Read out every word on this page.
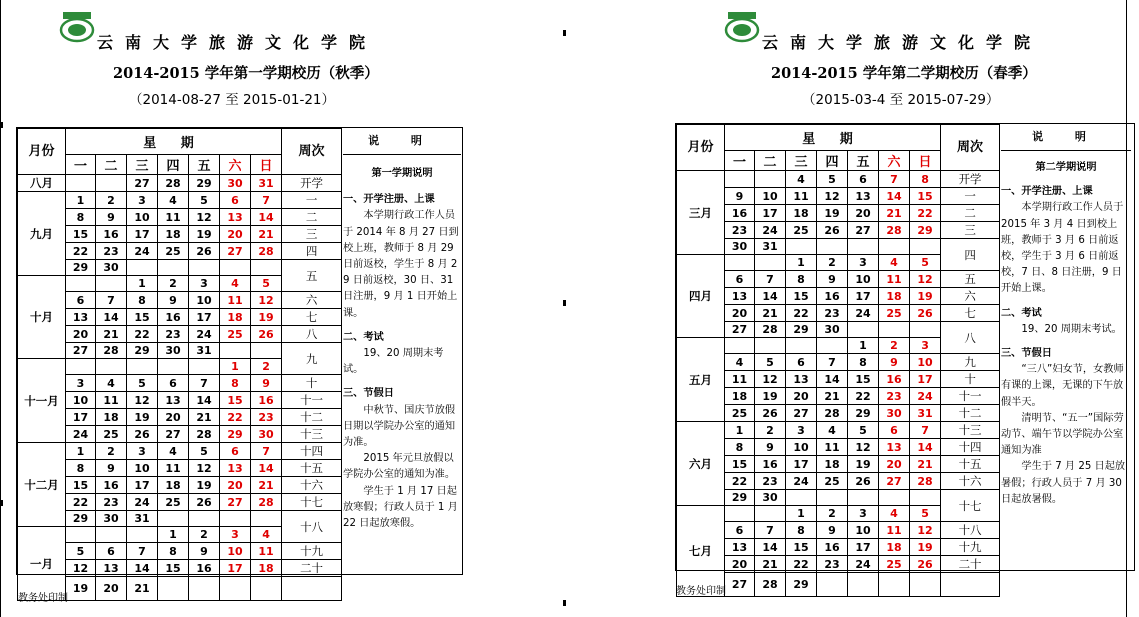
云南大学旅游文化学院
2014-2015 学年第一学期校历（秋季）
（2014-08-27 至 2015-01-21）
月份	星 期							周次
	一	二	三	四	五	六	日	
八月			27	28	29	30	31	开学
九月	1	2	3	4	5	6	7	一
	8	9	10	11	12	13	14	二
	15	16	17	18	19	20	21	三
	22	23	24	25	26	27	28	四
	29	30						五
十月			1	2	3	4	5	
	6	7	8	9	10	11	12	六
	13	14	15	16	17	18	19	七
	20	21	22	23	24	25	26	八
	27	28	29	30	31			九
十一月						1	2	
	3	4	5	6	7	8	9	十
	10	11	12	13	14	15	16	十一
	17	18	19	20	21	22	23	十二
	24	25	26	27	28	29	30	十三
十二月	1	2	3	4	5	6	7	十四
	8	9	10	11	12	13	14	十五
	15	16	17	18	19	20	21	十六
	22	23	24	25	26	27	28	十七
	29	30	31					十八
一月				1	2	3	4	
	5	6	7	8	9	10	11	十九
	12	13	14	15	16	17	18	二十
	19	20	21					
说 明
第一学期说明
一、开学注册、上课

本学期行政工作人员于 2014 年 8 月 27 日到校上班，教师于 8 月 29 日前返校，学生于 8 月 29 日前返校，30 日、31 日注册，9 月 1 日开始上课。

二、考试

19、20 周期末考试。

三、节假日

中秋节、国庆节放假日期以学院办公室的通知为准。

2015 年元旦放假以学院办公室的通知为准。

学生于 1 月 17 日起放寒假；行政人员于 1 月 22 日起放寒假。

教务处印制
云南大学旅游文化学院
2014-2015 学年第二学期校历（春季）
（2015-03-4 至 2015-07-29）
月份	星 期							周次
	一	二	三	四	五	六	日	
三月			4	5	6	7	8	开学
	9	10	11	12	13	14	15	一
	16	17	18	19	20	21	22	二
	23	24	25	26	27	28	29	三
	30	31						四
四月			1	2	3	4	5	
	6	7	8	9	10	11	12	五
	13	14	15	16	17	18	19	六
	20	21	22	23	24	25	26	七
	27	28	29	30				八
五月					1	2	3	
	4	5	6	7	8	9	10	九
	11	12	13	14	15	16	17	十
	18	19	20	21	22	23	24	十一
	25	26	27	28	29	30	31	十二
六月	1	2	3	4	5	6	7	十三
	8	9	10	11	12	13	14	十四
	15	16	17	18	19	20	21	十五
	22	23	24	25	26	27	28	十六
	29	30						十七
七月			1	2	3	4	5	
	6	7	8	9	10	11	12	十八
	13	14	15	16	17	18	19	十九
	20	21	22	23	24	25	26	二十
	27	28	29					
说 明
第二学期说明
一、开学注册、上课

本学期行政工作人员于 2015 年 3 月 4 日到校上班，教师于 3 月 6 日前返校，学生于 3 月 6 日前返校，7 日、8 日注册，9 日开始上课。

二、考试

19、20 周期末考试。

三、节假日

“三八”妇女节，女教师有课的上课，无课的下午放假半天。

清明节、“五一”国际劳动节、端午节以学院办公室通知为准

学生于 7 月 25 日起放暑假；行政人员于 7 月 30 日起放暑假。

教务处印制
